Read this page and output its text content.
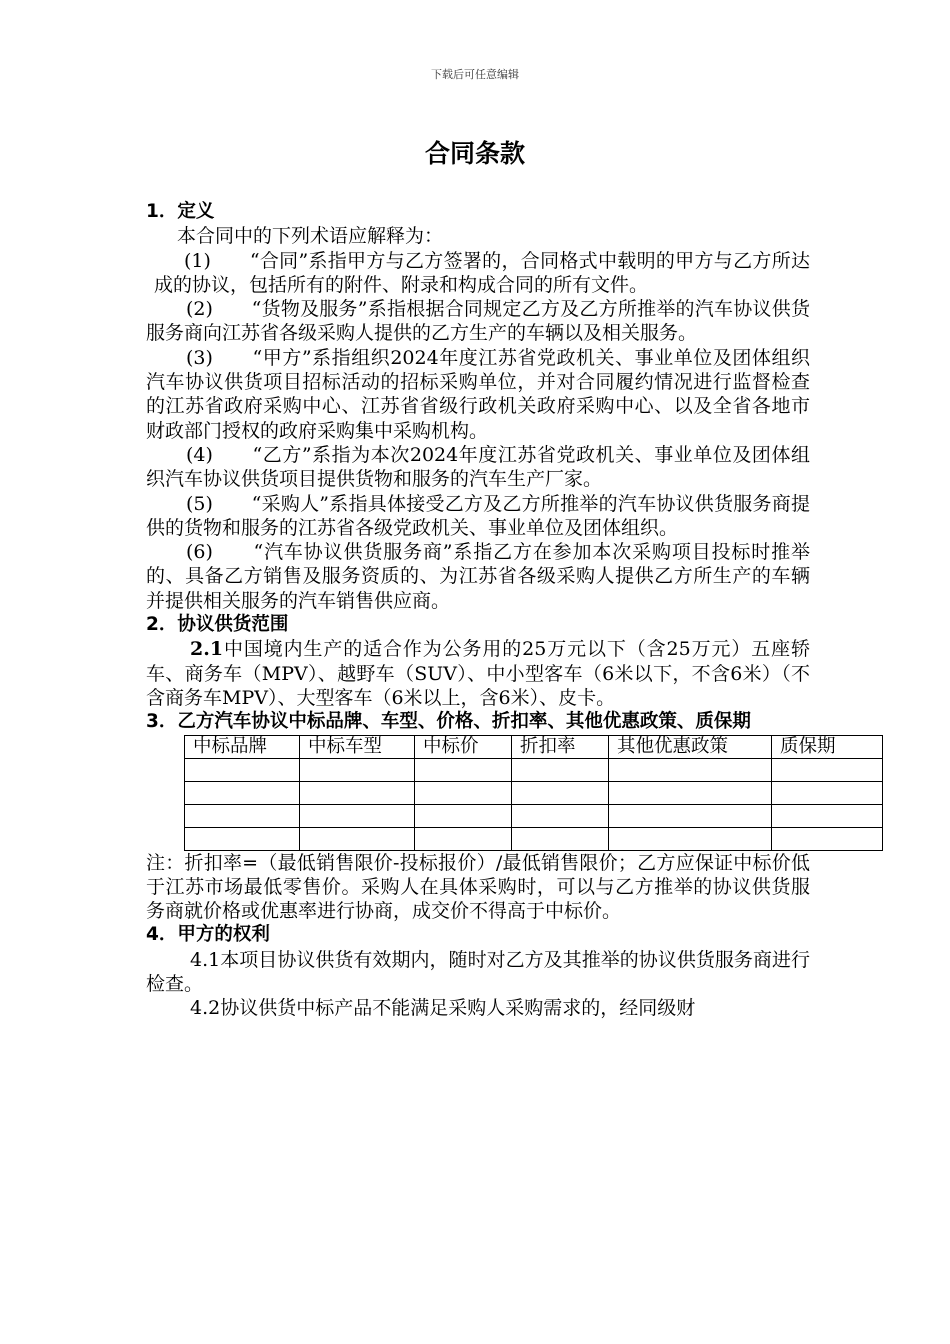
下载后可任意编辑
合同条款

1．定义

本合同中的下列术语应解释为：

(1)　　“合同”系指甲方与乙方签署的，合同格式中载明的甲方与乙方所达成的协议，包括所有的附件、附录和构成合同的所有文件。

(2)　　“货物及服务”系指根据合同规定乙方及乙方所推举的汽车协议供货服务商向江苏省各级采购人提供的乙方生产的车辆以及相关服务。

(3)　　“甲方”系指组织2024年度江苏省党政机关、事业单位及团体组织汽车协议供货项目招标活动的招标采购单位，并对合同履约情况进行监督检查的江苏省政府采购中心、江苏省省级行政机关政府采购中心、以及全省各地市财政部门授权的政府采购集中采购机构。

(4)　　“乙方”系指为本次2024年度江苏省党政机关、事业单位及团体组织汽车协议供货项目提供货物和服务的汽车生产厂家。

(5)　　“采购人”系指具体接受乙方及乙方所推举的汽车协议供货服务商提供的货物和服务的江苏省各级党政机关、事业单位及团体组织。

(6)　　“汽车协议供货服务商”系指乙方在参加本次采购项目投标时推举的、具备乙方销售及服务资质的、为江苏省各级采购人提供乙方所生产的车辆并提供相关服务的汽车销售供应商。

2．协议供货范围

2.1中国境内生产的适合作为公务用的25万元以下（含25万元）五座轿车、商务车（MPV）、越野车（SUV）、中小型客车（6米以下，不含6米）（不含商务车MPV）、大型客车（6米以上，含6米）、皮卡。

3．乙方汽车协议中标品牌、车型、价格、折扣率、其他优惠政策、质保期

中标品牌	中标车型	中标价	折扣率	其他优惠政策	质保期

注：折扣率=（最低销售限价-投标报价）/最低销售限价；乙方应保证中标价低于江苏市场最低零售价。采购人在具体采购时，可以与乙方推举的协议供货服务商就价格或优惠率进行协商，成交价不得高于中标价。

4．甲方的权利

4.1本项目协议供货有效期内，随时对乙方及其推举的协议供货服务商进行检查。

4.2协议供货中标产品不能满足采购人采购需求的，经同级财
